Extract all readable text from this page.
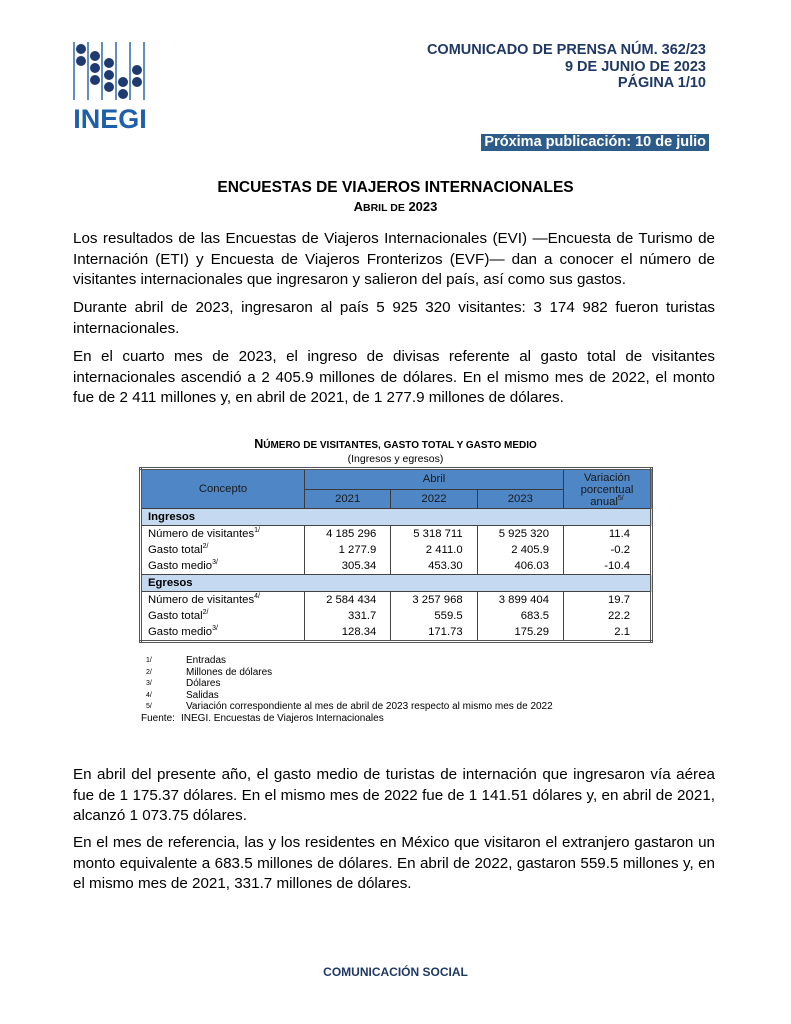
INEGI
COMUNICADO DE PRENSA NÚM. 362/23
9 DE JUNIO DE 2023
PÁGINA 1/10
Próxima publicación: 10 de julio
ENCUESTAS DE VIAJEROS INTERNACIONALES
ABRIL DE 2023
Los resultados de las Encuestas de Viajeros Internacionales (EVI) —Encuesta de Turismo de Internación (ETI) y Encuesta de Viajeros Fronterizos (EVF)— dan a conocer el número de visitantes internacionales que ingresaron y salieron del país, así como sus gastos.
Durante abril de 2023, ingresaron al país 5 925 320 visitantes: 3 174 982 fueron turistas internacionales.
En el cuarto mes de 2023, el ingreso de divisas referente al gasto total de visitantes internacionales ascendió a 2 405.9 millones de dólares. En el mismo mes de 2022, el monto fue de 2 411 millones y, en abril de 2021, de 1 277.9 millones de dólares.
NÚMERO DE VISITANTES, GASTO TOTAL Y GASTO MEDIO
(Ingresos y egresos)
Concepto	Abril			Variación porcentual anual$^{5/}$
	2021	2022	2023	
Ingresos				
Número de visitantes$^{1/}$	4 185 296	5 318 711	5 925 320	11.4
Gasto total$^{2/}$	1 277.9	2 411.0	2 405.9	-0.2
Gasto medio$^{3/}$	305.34	453.30	406.03	-10.4
Egresos				
Número de visitantes$^{4/}$	2 584 434	3 257 968	3 899 404	19.7
Gasto total$^{2/}$	331.7	559.5	683.5	22.2
Gasto medio$^{3/}$	128.34	171.73	175.29	2.1
1/	Entradas
2/	Millones de dólares
3/	Dólares
4/	Salidas
5/	Variación correspondiente al mes de abril de 2023 respecto al mismo mes de 2022
Fuente: INEGI. Encuestas de Viajeros Internacionales
En abril del presente año, el gasto medio de turistas de internación que ingresaron vía aérea fue de 1 175.37 dólares. En el mismo mes de 2022 fue de 1 141.51 dólares y, en abril de 2021, alcanzó 1 073.75 dólares.
En el mes de referencia, las y los residentes en México que visitaron el extranjero gastaron un monto equivalente a 683.5 millones de dólares. En abril de 2022, gastaron 559.5 millones y, en el mismo mes de 2021, 331.7 millones de dólares.
COMUNICACIÓN SOCIAL
